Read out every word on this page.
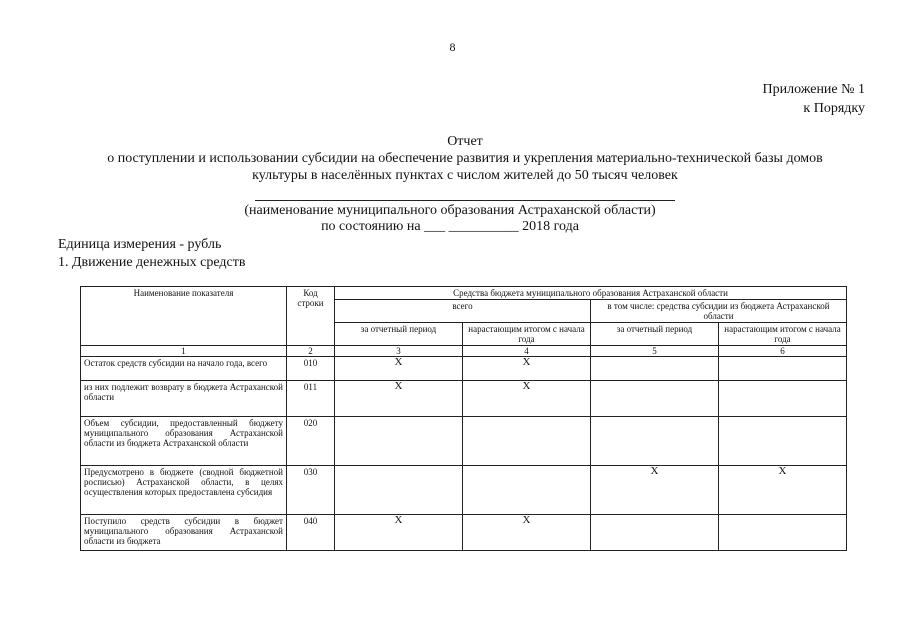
8
Приложение № 1
к Порядку
Отчет
о поступлении и использовании субсидии на обеспечение развития и укрепления материально-технической базы домов
культуры в населённых пунктах с числом жителей до 50 тысяч человек
(наименование муниципального образования Астраханской области)
по состоянию на ___ __________ 2018 года
Единица измерения - рубль
1. Движение денежных средств
Наименование показателя	Код строки	Средства бюджета муниципального образования Астраханской области			
		всего		в том числе: средства субсидии из бюджета Астраханской области	
		за отчетный период	нарастающим итогом с начала года	за отчетный период	нарастающим итогом с начала года
1	2	3	4	5	6
Остаток средств субсидии на начало года, всего	010	X	X		
из них подлежит возврату в бюджета Астраханской области	011	X	X		
Объем субсидии, предоставленный бюджету муниципального образования Астраханской области из бюджета Астраханской области	020				
Предусмотрено в бюджете (сводной бюджетной росписью) Астраханской области, в целях осуществления которых предоставлена субсидия	030			X	X
Поступило средств субсидии в бюджет муниципального образования Астраханской области из бюджета	040	X	X		
